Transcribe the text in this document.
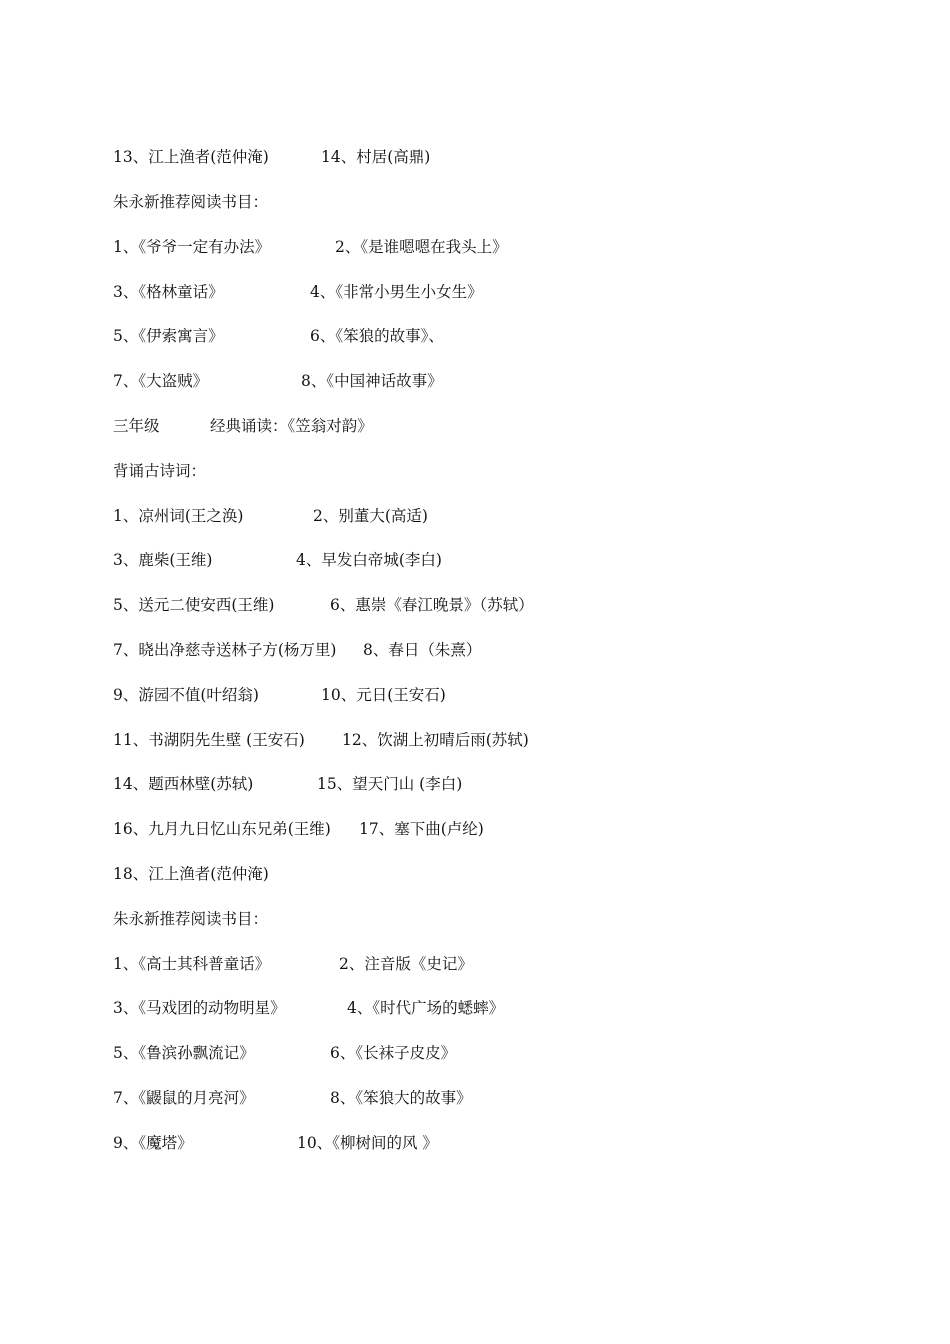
13、江上渔者(范仲淹)

	14、村居(高鼎)

朱永新推荐阅读书目：

1、《爷爷一定有办法》

	2、《是谁嗯嗯在我头上》

3、《格林童话》

	4、《非常小男生小女生》

5、《伊索寓言》

	6、《笨狼的故事》、

7、《大盗贼》

	8、《中国神话故事》

三年级

	经典诵读：《笠翁对韵》

背诵古诗词：

1、凉州词(王之涣)

	2、别董大(高适)

3、鹿柴(王维)

	4、早发白帝城(李白)

5、送元二使安西(王维)

	6、惠崇《春江晚景》（苏轼）

7、晓出净慈寺送林子方(杨万里)

8、春日（朱熹）

9、游园不值(叶绍翁)

	10、元日(王安石)

11、书湖阴先生壁 (王安石)

12、饮湖上初晴后雨(苏轼)

14、题西林壁(苏轼)

	15、望天门山 (李白)

16、九月九日忆山东兄弟(王维)

17、塞下曲(卢纶)

18、江上渔者(范仲淹)

朱永新推荐阅读书目：

1、《高士其科普童话》

	2、注音版《史记》

3、《马戏团的动物明星》

	4、《时代广场的蟋蟀》

5、《鲁滨孙飘流记》

	6、《长袜子皮皮》

7、《鼹鼠的月亮河》

	8、《笨狼大的故事》

9、《魔塔》

	10、《柳树间的风 》
